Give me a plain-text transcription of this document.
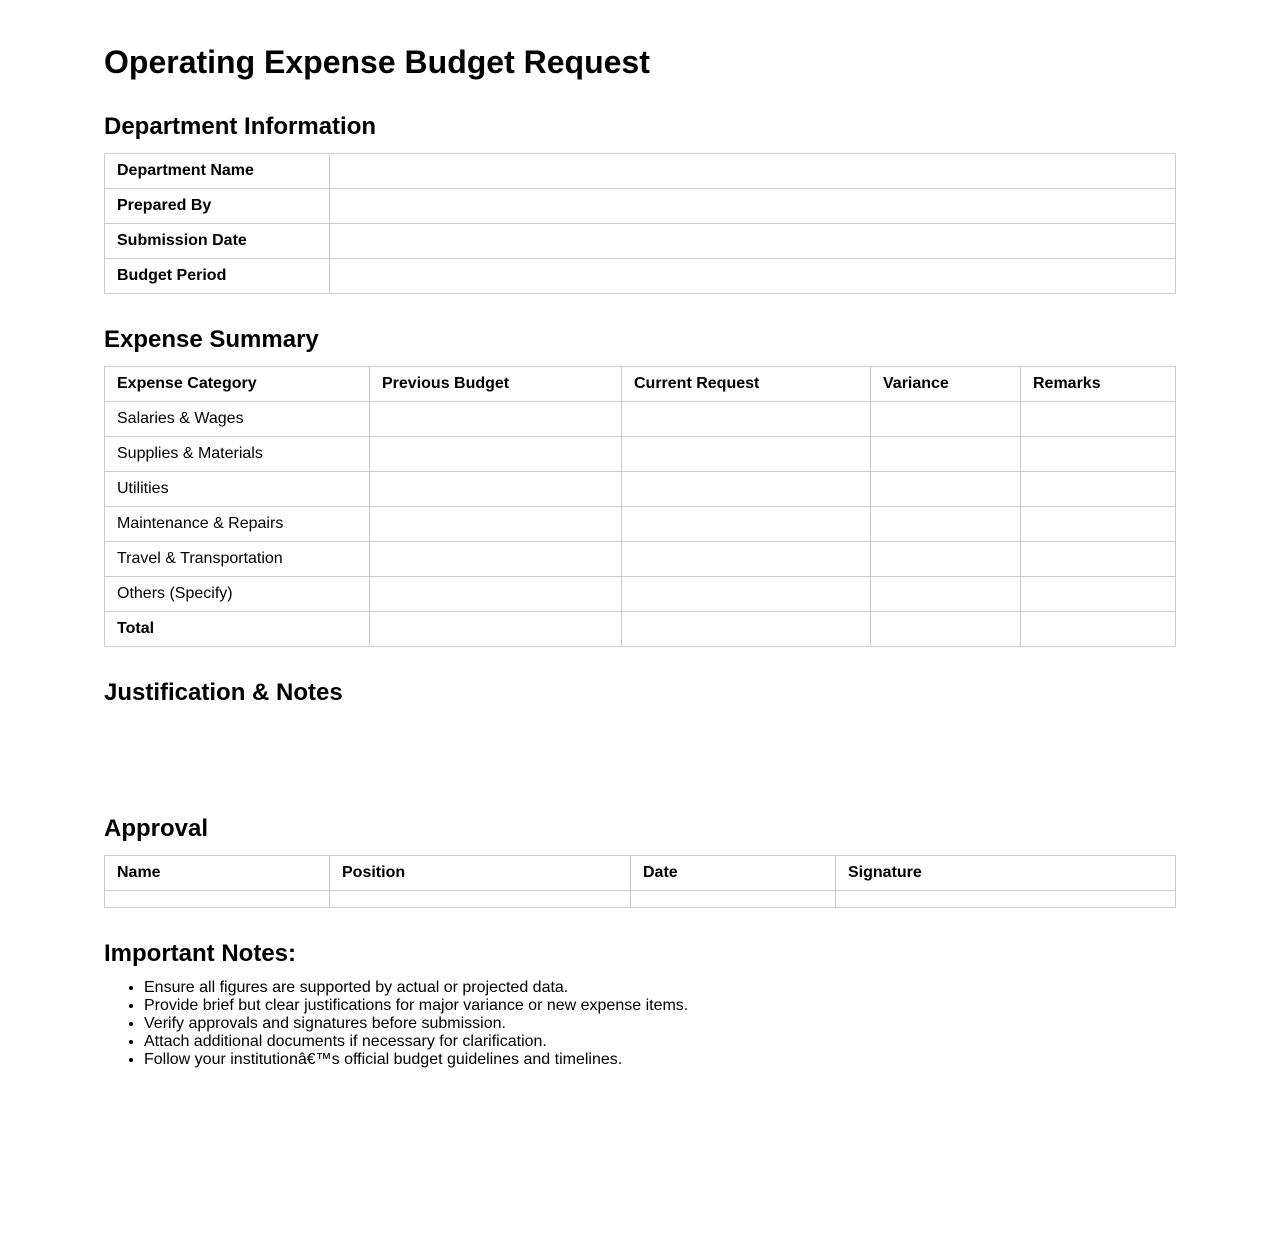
Operating Expense Budget Request
Department Information
Department Name	
Prepared By	
Submission Date	
Budget Period	
Expense Summary
Expense Category	Previous Budget	Current Request	Variance	Remarks
Salaries & Wages				
Supplies & Materials				
Utilities				
Maintenance & Repairs				
Travel & Transportation				
Others (Specify)				
Total				
Justification & Notes
Approval
Name	Position	Date	Signature

Important Notes:
• Ensure all figures are supported by actual or projected data.
• Provide brief but clear justifications for major variance or new expense items.
• Verify approvals and signatures before submission.
• Attach additional documents if necessary for clarification.
• Follow your institutionâ€™s official budget guidelines and timelines.
